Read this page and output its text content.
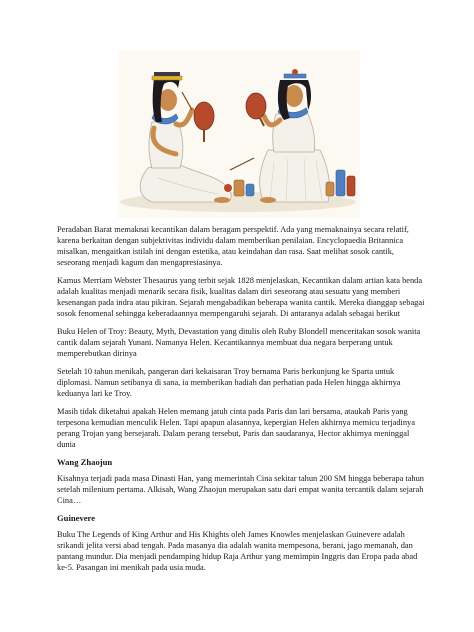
Peradaban Barat memaknai kecantikan dalam beragam perspektif. Ada yang memaknainya secara relatif, karena berkaitan dengan subjektivitas individu dalam memberikan penilaian. Encyclopaedia Britannica misalkan, mengaitkan istilah ini dengan estetika, atau keindahan dan rasa. Saat melihat sosok cantik, seseorang menjadi kagum dan mengapresiasinya.

Kamus Merriam Webster Thesaurus yang terbit sejak 1828 menjelaskan, Kecantikan dalam artian kata benda adalah kualitas menjadi menarik secara fisik, kualitas dalam diri seseorang atau sesuatu yang memberi kesenangan pada indra atau pikiran. Sejarah mengabadikan beberapa wanita cantik. Mereka dianggap sebagai sosok fenomenal sehingga keberadaannya mempengaruhi sejarah. Di antaranya adalah sebagai berikut

Buku Helen of Troy: Beauty, Myth, Devastation yang ditulis oleh Ruby Blondell menceritakan sosok wanita cantik dalam sejarah Yunani. Namanya Helen. Kecantikannya membuat dua negara berperang untuk memperebutkan dirinya

Setelah 10 tahun menikah, pangeran dari kekaisaran Troy bernama Paris berkunjung ke Sparta untuk diplomasi. Namun setibanya di sana, ia memberikan hadiah dan perhatian pada Helen hingga akhirnya keduanya lari ke Troy.

Masih tidak diketahui apakah Helen memang jatuh cinta pada Paris dan lari bersama, ataukah Paris yang terpesona kemudian menculik Helen. Tapi apapun alasannya, kepergian Helen akhirnya memicu terjadinya perang Trojan yang bersejarah. Dalam perang tersebut, Paris dan saudaranya, Hector akhirnya meninggal dunia

Wang Zhaojun

Kisahnya terjadi pada masa Dinasti Han, yang memerintah Cina sekitar tahun 200 SM hingga beberapa tahun setelah milenium pertama. Alkisah, Wang Zhaojun merupakan satu dari empat wanita tercantik dalam sejarah Cina…

Guinevere

Buku The Legends of King Arthur and His Khights oleh James Knowles menjelaskan Guinevere adalah srikandi jelita versi abad tengah. Pada masanya dia adalah wanita mempesona, berani, jago memanah, dan pantang mundur. Dia menjadi pendamping hidup Raja Arthur yang memimpin Inggris dan Eropa pada abad ke-5. Pasangan ini menikah pada usia muda.
